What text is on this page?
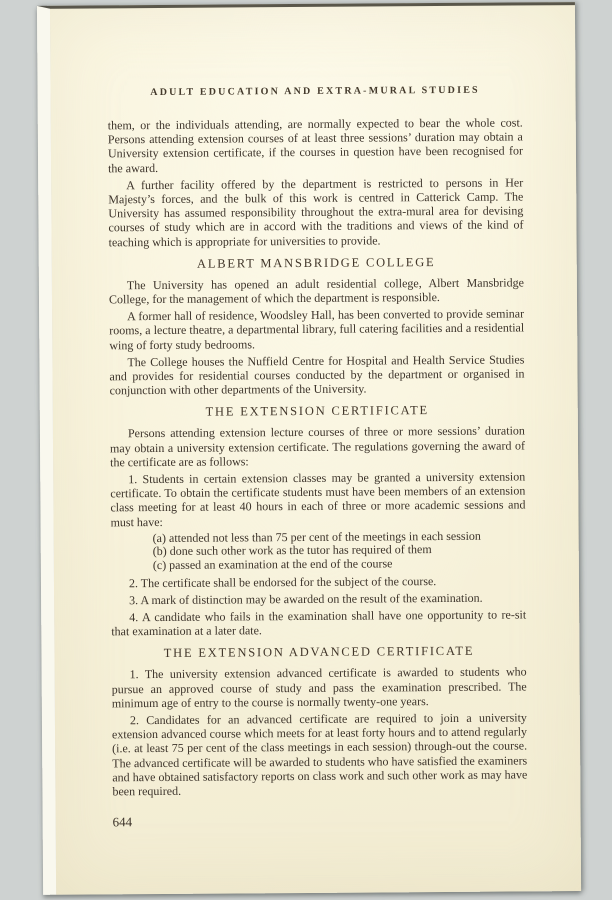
ADULT EDUCATION AND EXTRA-MURAL STUDIES

them, or the individuals attending, are normally expected to bear the whole cost. Persons attending extension courses of at least three sessions’ duration may obtain a University extension certificate, if the courses in question have been recognised for the award.

A further facility offered by the department is restricted to persons in Her Majesty’s forces, and the bulk of this work is centred in Catterick Camp. The University has assumed responsibility throughout the extra-mural area for devising courses of study which are in accord with the traditions and views of the kind of teaching which is appropriate for universities to provide.

ALBERT MANSBRIDGE COLLEGE

The University has opened an adult residential college, Albert Mansbridge College, for the management of which the department is responsible.

A former hall of residence, Woodsley Hall, has been converted to provide seminar rooms, a lecture theatre, a departmental library, full catering facilities and a residential wing of forty study bedrooms.

The College houses the Nuffield Centre for Hospital and Health Service Studies and provides for residential courses conducted by the department or organised in conjunction with other departments of the University.

THE EXTENSION CERTIFICATE

Persons attending extension lecture courses of three or more sessions’ duration may obtain a university extension certificate. The regulations governing the award of the certificate are as follows:

1. Students in certain extension classes may be granted a university extension certificate. To obtain the certificate students must have been members of an extension class meeting for at least 40 hours in each of three or more academic sessions and must have:

(a) attended not less than 75 per cent of the meetings in each session

(b) done such other work as the tutor has required of them

(c) passed an examination at the end of the course

2. The certificate shall be endorsed for the subject of the course.

3. A mark of distinction may be awarded on the result of the examination.

4. A candidate who fails in the examination shall have one opportunity to re-sit that examination at a later date.

THE EXTENSION ADVANCED CERTIFICATE

1. The university extension advanced certificate is awarded to students who pursue an approved course of study and pass the examination prescribed. The minimum age of entry to the course is normally twenty-one years.

2. Candidates for an advanced certificate are required to join a university extension advanced course which meets for at least forty hours and to attend regularly (i.e. at least 75 per cent of the class meetings in each session) through-out the course. The advanced certificate will be awarded to students who have satisfied the examiners and have obtained satisfactory reports on class work and such other work as may have been required.

644
